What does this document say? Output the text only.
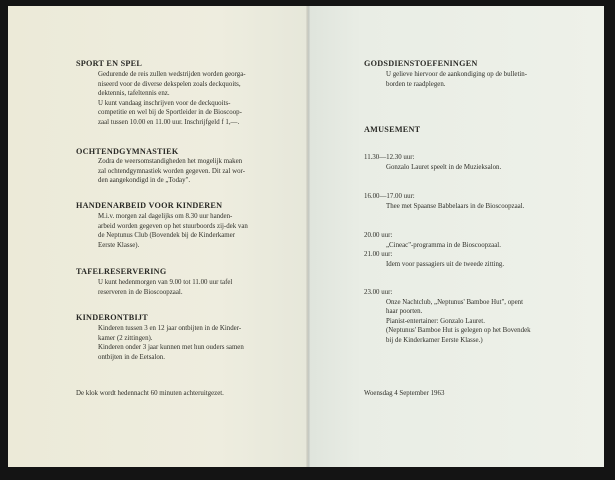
SPORT EN SPEL
Gedurende de reis zullen wedstrijden worden georga-
niseerd voor de diverse dekspelen zoals deckquoits,
dektennis, tafeltennis enz.
U kunt vandaag inschrijven voor de deckquoits-
competitie en wel bij de Sportleider in de Bioscoop-
zaal tussen 10.00 en 11.00 uur. Inschrijfgeld f 1,—.
OCHTENDGYMNASTIEK
Zodra de weersomstandigheden het mogelijk maken
zal ochtendgymnastiek worden gegeven. Dit zal wor-
den aangekondigd in de „Today".
HANDENARBEID VOOR KINDEREN
M.i.v. morgen zal dagelijks om 8.30 uur handen-
arbeid worden gegeven op het stuurboords zij-dek van
de Neptunus Club (Bovendek bij de Kinderkamer
Eerste Klasse).
TAFELRESERVERING
U kunt hedenmorgen van 9.00 tot 11.00 uur tafel
reserveren in de Bioscoopzaal.
KINDERONTBIJT
Kinderen tussen 3 en 12 jaar ontbijten in de Kinder-
kamer (2 zittingen).
Kinderen onder 3 jaar kunnen met hun ouders samen
ontbijten in de Eetsalon.
De klok wordt hedennacht 60 minuten achteruitgezet.
GODSDIENSTOEFENINGEN
U gelieve hiervoor de aankondiging op de bulletin-
borden te raadplegen.
AMUSEMENT
11.30—12.30 uur:
Gonzalo Lauret speelt in de Muzieksalon.
16.00—17.00 uur:
Thee met Spaanse Babbelaars in de Bioscoopzaal.
20.00 uur:
„Cineac"-programma in de Bioscoopzaal.
21.00 uur:
Idem voor passagiers uit de tweede zitting.
23.00 uur:
Onze Nachtclub, „Neptunus' Bamboe Hut", opent
haar poorten.
Pianist-entertainer: Gonzalo Lauret.
(Neptunus' Bamboe Hut is gelegen op het Bovendek
bij de Kinderkamer Eerste Klasse.)
Woensdag 4 September 1963
